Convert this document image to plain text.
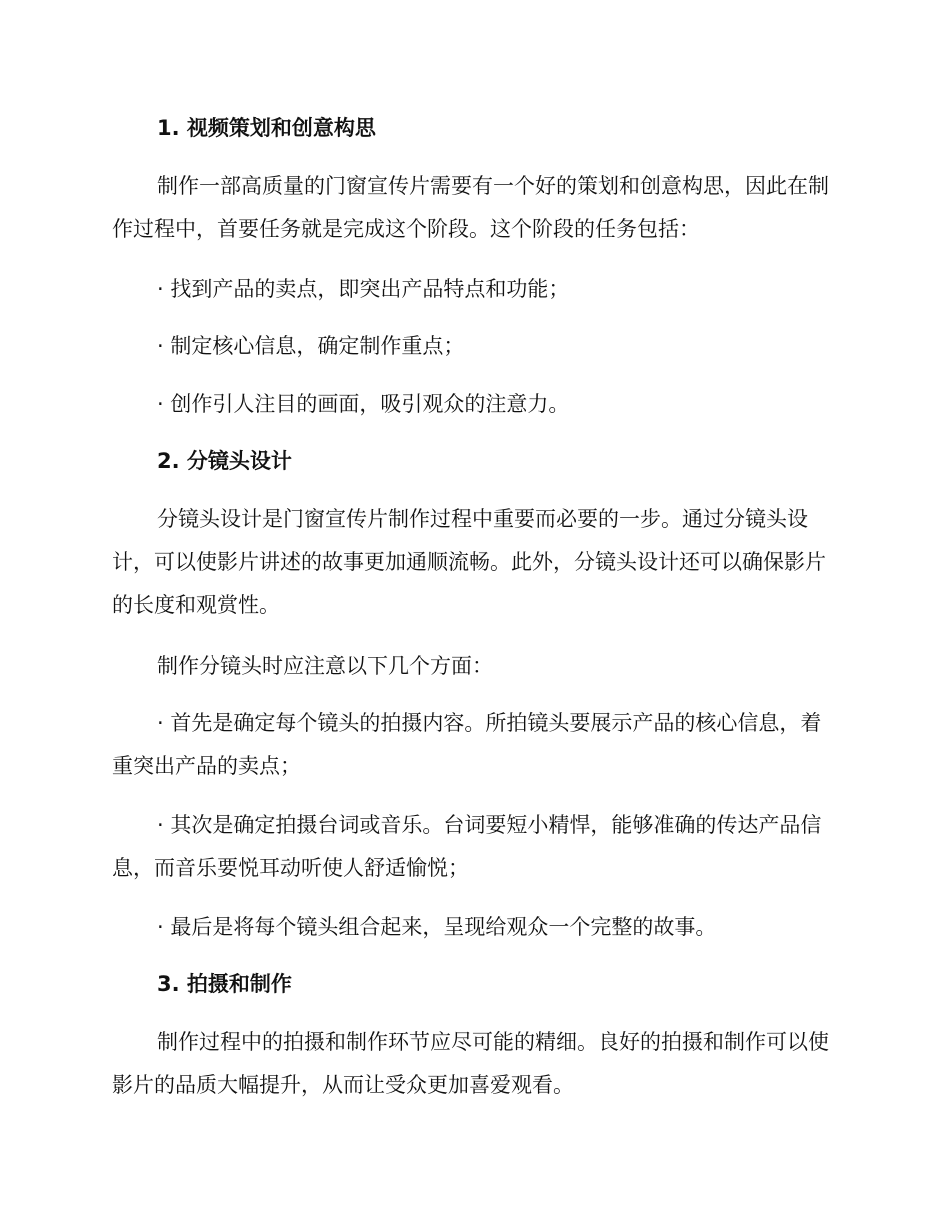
1. 视频策划和创意构思

制作一部高质量的门窗宣传片需要有一个好的策划和创意构思，因此在制作过程中，首要任务就是完成这个阶段。这个阶段的任务包括：

· 找到产品的卖点，即突出产品特点和功能；

· 制定核心信息，确定制作重点；

· 创作引人注目的画面，吸引观众的注意力。

2. 分镜头设计

分镜头设计是门窗宣传片制作过程中重要而必要的一步。通过分镜头设计，可以使影片讲述的故事更加通顺流畅。此外，分镜头设计还可以确保影片的长度和观赏性。

制作分镜头时应注意以下几个方面：

· 首先是确定每个镜头的拍摄内容。所拍镜头要展示产品的核心信息，着重突出产品的卖点；

· 其次是确定拍摄台词或音乐。台词要短小精悍，能够准确的传达产品信息，而音乐要悦耳动听使人舒适愉悦；

· 最后是将每个镜头组合起来，呈现给观众一个完整的故事。

3. 拍摄和制作

制作过程中的拍摄和制作环节应尽可能的精细。良好的拍摄和制作可以使影片的品质大幅提升，从而让受众更加喜爱观看。
